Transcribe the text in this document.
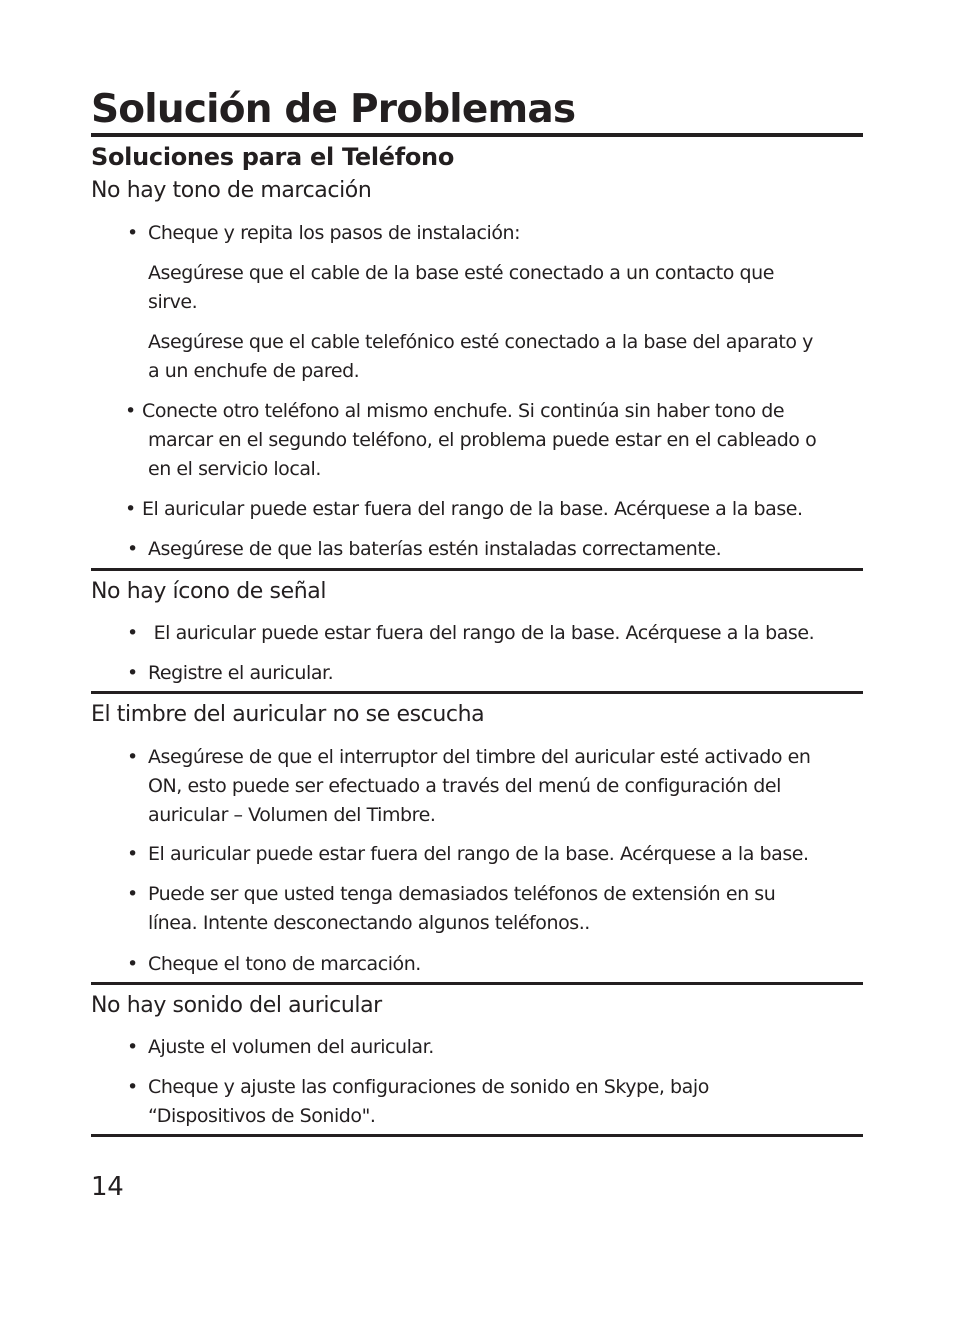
Solución de Problemas
Soluciones para el Teléfono
No hay tono de marcación
• Cheque y repita los pasos de instalación:

Asegúrese que el cable de la base esté conectado a un contacto que
sirve.

Asegúrese que el cable telefónico esté conectado a la base del aparato y
a un enchufe de pared.

• Conecte otro teléfono al mismo enchufe. Si continúa sin haber tono de
marcar en el segundo teléfono, el problema puede estar en el cableado o
en el servicio local.

• El auricular puede estar fuera del rango de la base. Acérquese a la base.

• Asegúrese de que las baterías estén instaladas correctamente.

No hay ícono de señal
• El auricular puede estar fuera del rango de la base. Acérquese a la base.

• Registre el auricular.

El timbre del auricular no se escucha
• Asegúrese de que el interruptor del timbre del auricular esté activado en
ON, esto puede ser efectuado a través del menú de configuración del
auricular – Volumen del Timbre.

• El auricular puede estar fuera del rango de la base. Acérquese a la base.

• Puede ser que usted tenga demasiados teléfonos de extensión en su
línea. Intente desconectando algunos teléfonos..

• Cheque el tono de marcación.

No hay sonido del auricular
• Ajuste el volumen del auricular.

• Cheque y ajuste las configuraciones de sonido en Skype, bajo
“Dispositivos de Sonido".

14
